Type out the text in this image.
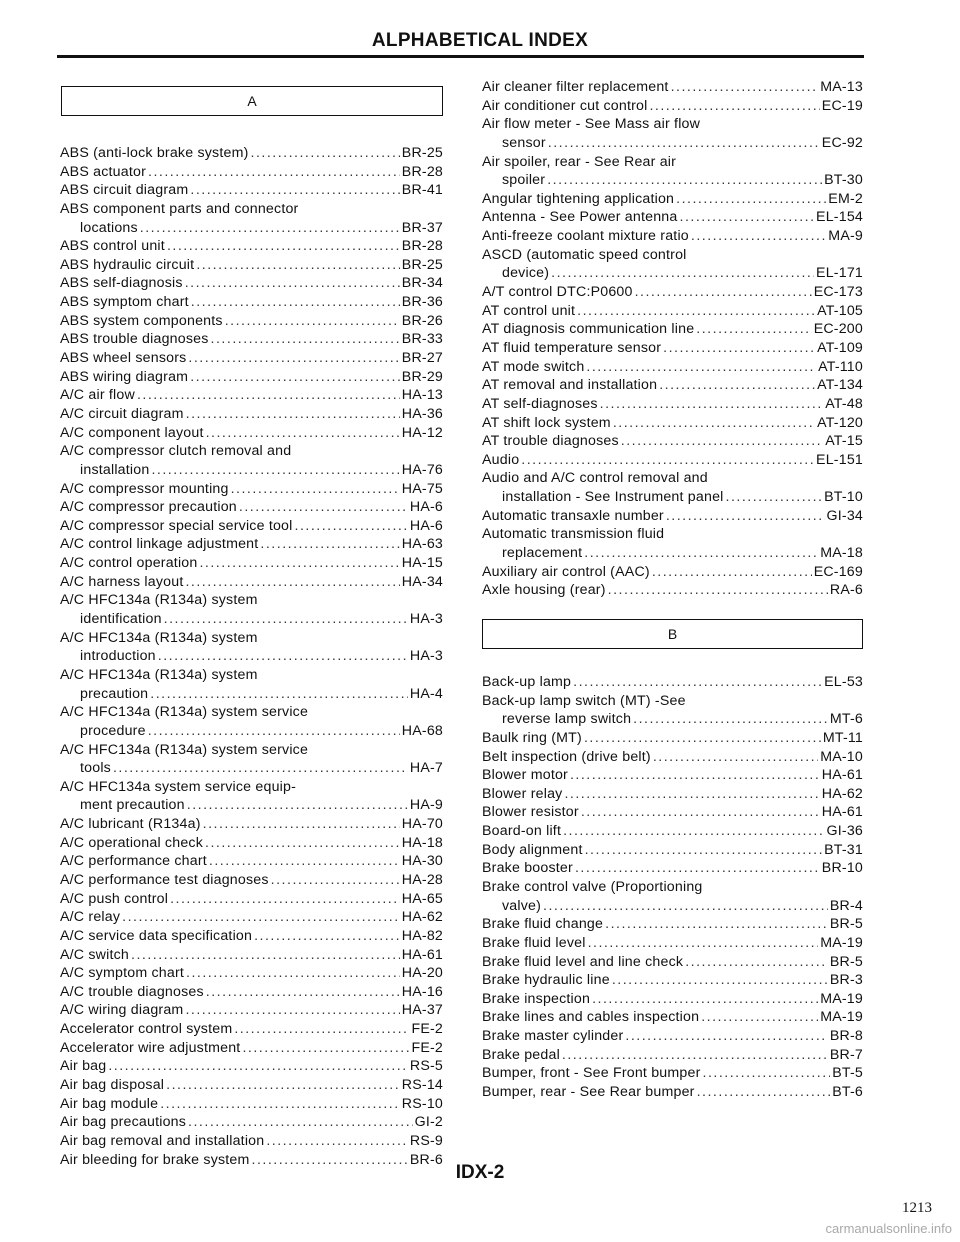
ALPHABETICAL INDEX
A
ABS (anti-lock brake system) .....	BR-25
ABS actuator .....	BR-28
ABS circuit diagram .....	BR-41
ABS component parts and connector
locations .....	BR-37
ABS control unit .....	BR-28
ABS hydraulic circuit .....	BR-25
ABS self-diagnosis .....	BR-34
ABS symptom chart .....	BR-36
ABS system components .....	BR-26
ABS trouble diagnoses .....	BR-33
ABS wheel sensors .....	BR-27
ABS wiring diagram .....	BR-29
A/C air flow .....	HA-13
A/C circuit diagram .....	HA-36
A/C component layout .....	HA-12
A/C compressor clutch removal and
installation .....	HA-76
A/C compressor mounting .....	HA-75
A/C compressor precaution .....	HA-6
A/C compressor special service tool .....	HA-6
A/C control linkage adjustment .....	HA-63
A/C control operation .....	HA-15
A/C harness layout .....	HA-34
A/C HFC134a (R134a) system
identification .....	HA-3
A/C HFC134a (R134a) system
introduction .....	HA-3
A/C HFC134a (R134a) system
precaution .....	HA-4
A/C HFC134a (R134a) system service
procedure .....	HA-68
A/C HFC134a (R134a) system service
tools .....	HA-7
A/C HFC134a system service equip-
ment precaution .....	HA-9
A/C lubricant (R134a) .....	HA-70
A/C operational check .....	HA-18
A/C performance chart .....	HA-30
A/C performance test diagnoses .....	HA-28
A/C push control .....	HA-65
A/C relay .....	HA-62
A/C service data specification .....	HA-82
A/C switch .....	HA-61
A/C symptom chart .....	HA-20
A/C trouble diagnoses .....	HA-16
A/C wiring diagram .....	HA-37
Accelerator control system .....	FE-2
Accelerator wire adjustment .....	FE-2
Air bag .....	RS-5
Air bag disposal .....	RS-14
Air bag module .....	RS-10
Air bag precautions .....	GI-2
Air bag removal and installation .....	RS-9
Air bleeding for brake system .....	BR-6
Air cleaner filter replacement .....	MA-13
Air conditioner cut control .....	EC-19
Air flow meter - See Mass air flow
sensor .....	EC-92
Air spoiler, rear - See Rear air
spoiler .....	BT-30
Angular tightening application .....	EM-2
Antenna - See Power antenna .....	EL-154
Anti-freeze coolant mixture ratio .....	MA-9
ASCD (automatic speed control
device) .....	EL-171
A/T control DTC:P0600 .....	EC-173
AT control unit .....	AT-105
AT diagnosis communication line .....	EC-200
AT fluid temperature sensor .....	AT-109
AT mode switch .....	AT-110
AT removal and installation .....	AT-134
AT self-diagnoses .....	AT-48
AT shift lock system .....	AT-120
AT trouble diagnoses .....	AT-15
Audio .....	EL-151
Audio and A/C control removal and
installation - See Instrument panel .....	BT-10
Automatic transaxle number .....	GI-34
Automatic transmission fluid
replacement .....	MA-18
Auxiliary air control (AAC) .....	EC-169
Axle housing (rear) .....	RA-6
B
Back-up lamp .....	EL-53
Back-up lamp switch (MT) -See
reverse lamp switch .....	MT-6
Baulk ring (MT) .....	MT-11
Belt inspection (drive belt) .....	MA-10
Blower motor .....	HA-61
Blower relay .....	HA-62
Blower resistor .....	HA-61
Board-on lift .....	GI-36
Body alignment .....	BT-31
Brake booster .....	BR-10
Brake control valve (Proportioning
valve) .....	BR-4
Brake fluid change .....	BR-5
Brake fluid level .....	MA-19
Brake fluid level and line check .....	BR-5
Brake hydraulic line .....	BR-3
Brake inspection .....	MA-19
Brake lines and cables inspection .....	MA-19
Brake master cylinder .....	BR-8
Brake pedal .....	BR-7
Bumper, front - See Front bumper .....	BT-5
Bumper, rear - See Rear bumper .....	BT-6
IDX-2
1213
carmanualsonline.info
